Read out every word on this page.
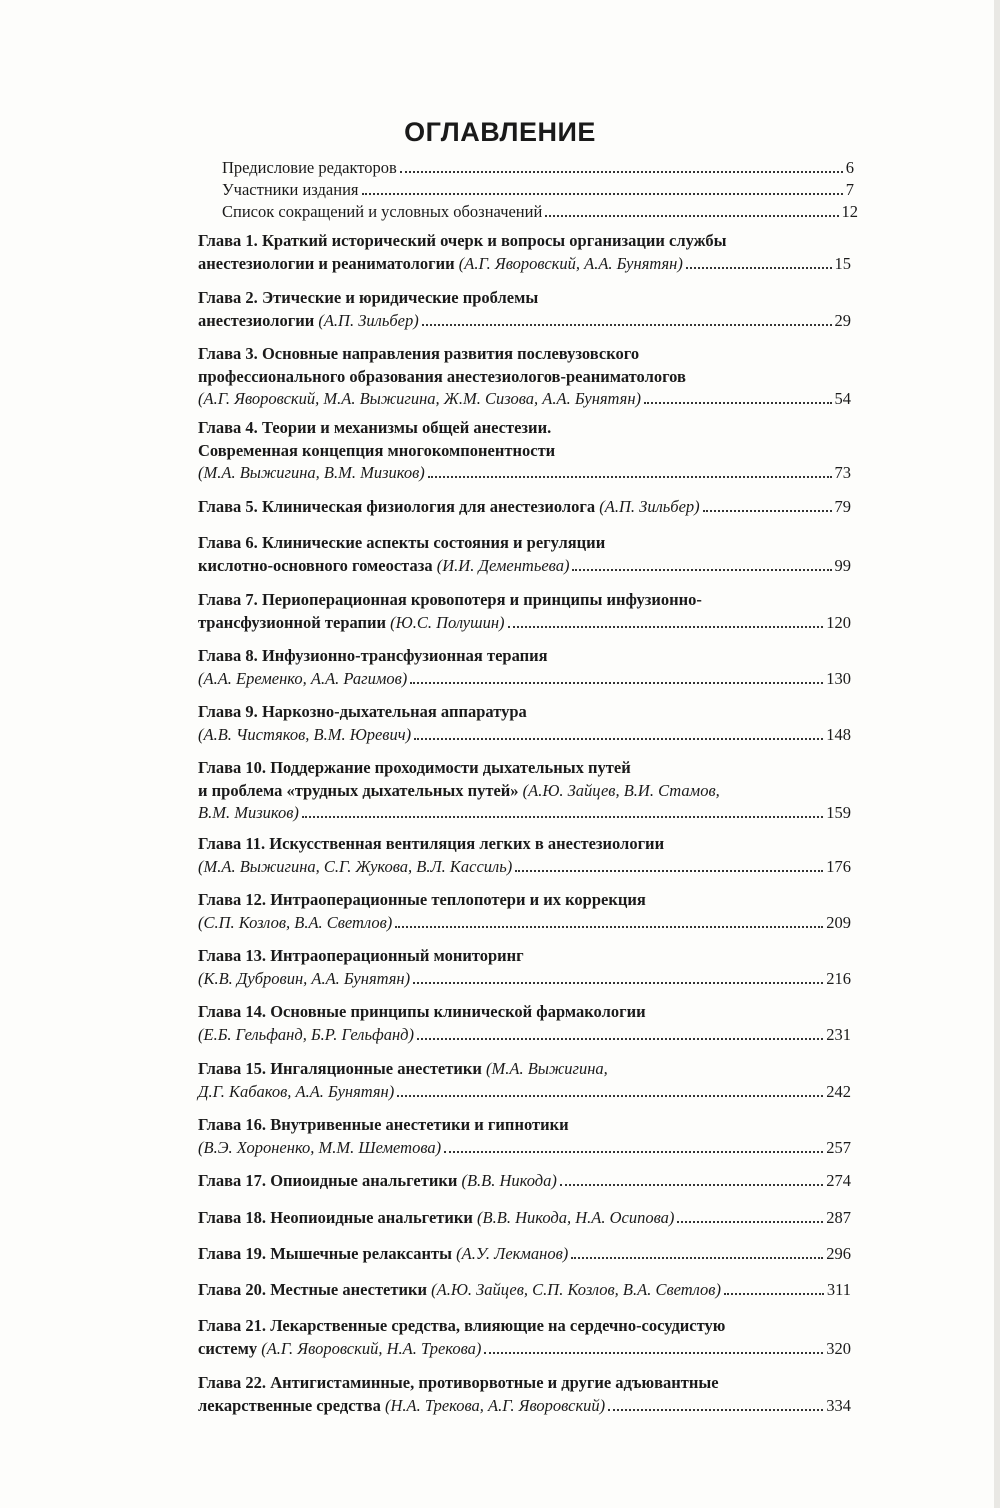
ОГЛАВЛЕНИЕ
Предисловие редакторов	6
Участники издания	7
Список сокращений и условных обозначений	12
Глава 1. Краткий исторический очерк и вопросы организации службы
анестезиологии и реаниматологии (А.Г. Яворовский, А.А. Бунятян)	15
Глава 2. Этические и юридические проблемы
анестезиологии (А.П. Зильбер)	29
Глава 3. Основные направления развития послевузовского
профессионального образования анестезиологов-реаниматологов
(А.Г. Яворовский, М.А. Выжигина, Ж.М. Сизова, А.А. Бунятян)	54
Глава 4. Теории и механизмы общей анестезии.
Современная концепция многокомпонентности
(М.А. Выжигина, В.М. Мизиков)	73
Глава 5. Клиническая физиология для анестезиолога (А.П. Зильбер)	79
Глава 6. Клинические аспекты состояния и регуляции
кислотно-основного гомеостаза (И.И. Дементьева)	99
Глава 7. Периоперационная кровопотеря и принципы инфузионно-
трансфузионной терапии (Ю.С. Полушин)	120
Глава 8. Инфузионно-трансфузионная терапия
(А.А. Еременко, А.А. Рагимов)	130
Глава 9. Наркозно-дыхательная аппаратура
(А.В. Чистяков, В.М. Юревич)	148
Глава 10. Поддержание проходимости дыхательных путей
и проблема «трудных дыхательных путей» (А.Ю. Зайцев, В.И. Стамов,
В.М. Мизиков)	159
Глава 11. Искусственная вентиляция легких в анестезиологии
(М.А. Выжигина, С.Г. Жукова, В.Л. Кассиль)	176
Глава 12. Интраоперационные теплопотери и их коррекция
(С.П. Козлов, В.А. Светлов)	209
Глава 13. Интраоперационный мониторинг
(К.В. Дубровин, А.А. Бунятян)	216
Глава 14. Основные принципы клинической фармакологии
(Е.Б. Гельфанд, Б.Р. Гельфанд)	231
Глава 15. Ингаляционные анестетики (М.А. Выжигина,
Д.Г. Кабаков, А.А. Бунятян)	242
Глава 16. Внутривенные анестетики и гипнотики
(В.Э. Хороненко, М.М. Шеметова)	257
Глава 17. Опиоидные анальгетики (В.В. Никода)	274
Глава 18. Неопиоидные анальгетики (В.В. Никода, Н.А. Осипова)	287
Глава 19. Мышечные релаксанты (А.У. Лекманов)	296
Глава 20. Местные анестетики (А.Ю. Зайцев, С.П. Козлов, В.А. Светлов)	311
Глава 21. Лекарственные средства, влияющие на сердечно-сосудистую
систему (А.Г. Яворовский, Н.А. Трекова)	320
Глава 22. Антигистаминные, противорвотные и другие адъювантные
лекарственные средства (Н.А. Трекова, А.Г. Яворовский)	334
